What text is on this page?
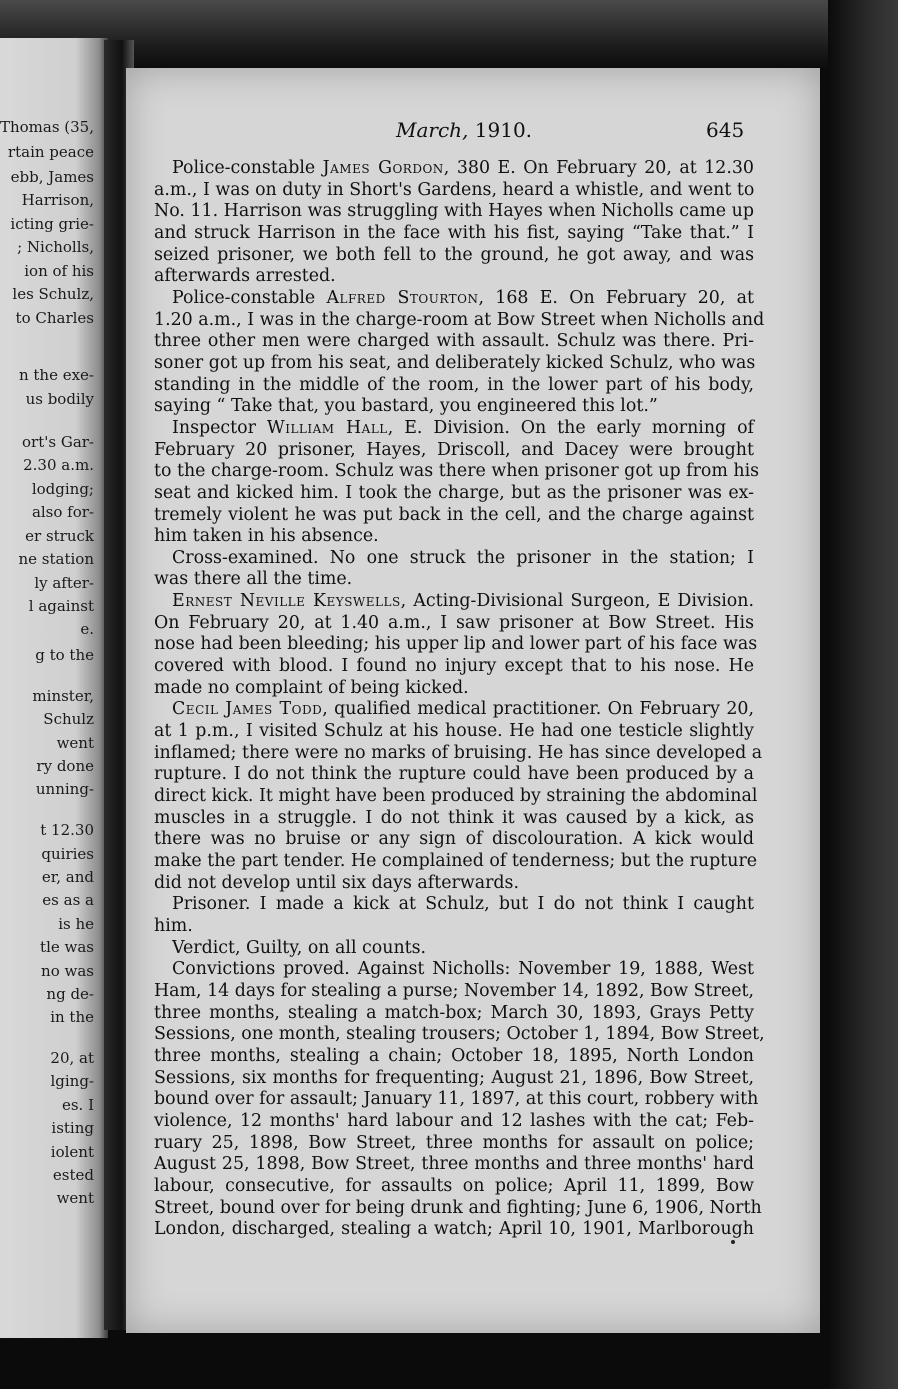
Thomas (35,
rtain peace
ebb, James
Harrison,
icting grie-
; Nicholls,
ion of his
les Schulz,
to Charles
n the exe-
us bodily
ort's Gar-
2.30 a.m.
lodging;
also for-
er struck
ne station
ly after-
l against
e.
g to the
minster,
Schulz
went
ry done
unning-
t 12.30
quiries
er, and
es as a
is he
tle was
no was
ng de-
in the
20, at
lging-
es. I
isting
iolent
ested
went
March, 1910.	645
Police-constable James Gordon, 380 E. On February 20, at 12.30
a.m., I was on duty in Short's Gardens, heard a whistle, and went to
No. 11. Harrison was struggling with Hayes when Nicholls came up
and struck Harrison in the face with his fist, saying “Take that.” I
seized prisoner, we both fell to the ground, he got away, and was
afterwards arrested.
Police-constable Alfred Stourton, 168 E. On February 20, at
1.20 a.m., I was in the charge-room at Bow Street when Nicholls and
three other men were charged with assault. Schulz was there. Pri-
soner got up from his seat, and deliberately kicked Schulz, who was
standing in the middle of the room, in the lower part of his body,
saying “ Take that, you bastard, you engineered this lot.”
Inspector William Hall, E. Division. On the early morning of
February 20 prisoner, Hayes, Driscoll, and Dacey were brought
to the charge-room. Schulz was there when prisoner got up from his
seat and kicked him. I took the charge, but as the prisoner was ex-
tremely violent he was put back in the cell, and the charge against
him taken in his absence.
Cross-examined. No one struck the prisoner in the station; I
was there all the time.
Ernest Neville Keyswells, Acting-Divisional Surgeon, E Division.
On February 20, at 1.40 a.m., I saw prisoner at Bow Street. His
nose had been bleeding; his upper lip and lower part of his face was
covered with blood. I found no injury except that to his nose. He
made no complaint of being kicked.
Cecil James Todd, qualified medical practitioner. On February 20,
at 1 p.m., I visited Schulz at his house. He had one testicle slightly
inflamed; there were no marks of bruising. He has since developed a
rupture. I do not think the rupture could have been produced by a
direct kick. It might have been produced by straining the abdominal
muscles in a struggle. I do not think it was caused by a kick, as
there was no bruise or any sign of discolouration. A kick would
make the part tender. He complained of tenderness; but the rupture
did not develop until six days afterwards.
Prisoner. I made a kick at Schulz, but I do not think I caught
him.
Verdict, Guilty, on all counts.
Convictions proved. Against Nicholls: November 19, 1888, West
Ham, 14 days for stealing a purse; November 14, 1892, Bow Street,
three months, stealing a match-box; March 30, 1893, Grays Petty
Sessions, one month, stealing trousers; October 1, 1894, Bow Street,
three months, stealing a chain; October 18, 1895, North London
Sessions, six months for frequenting; August 21, 1896, Bow Street,
bound over for assault; January 11, 1897, at this court, robbery with
violence, 12 months' hard labour and 12 lashes with the cat; Feb-
ruary 25, 1898, Bow Street, three months for assault on police;
August 25, 1898, Bow Street, three months and three months' hard
labour, consecutive, for assaults on police; April 11, 1899, Bow
Street, bound over for being drunk and fighting; June 6, 1906, North
London, discharged, stealing a watch; April 10, 1901, Marlborough
